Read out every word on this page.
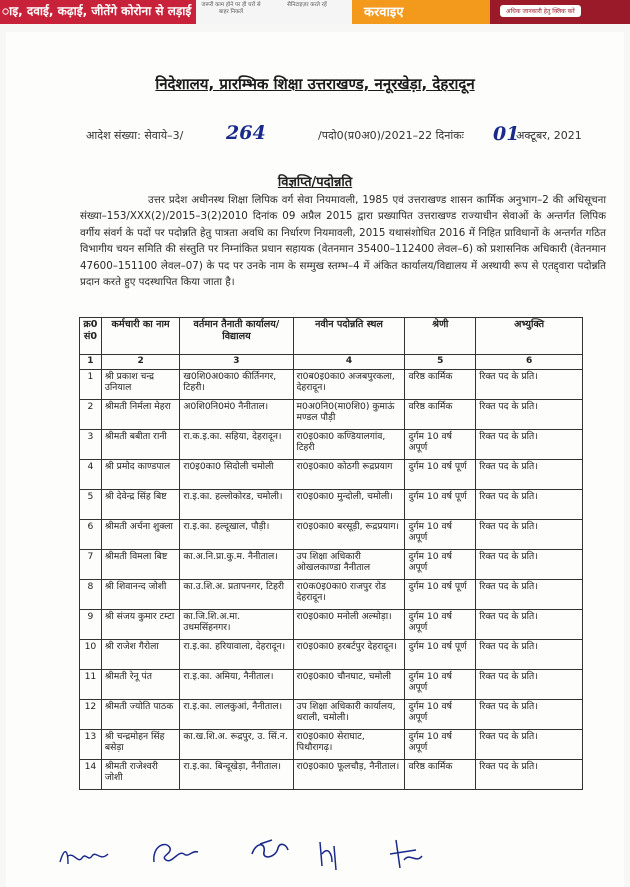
ाइ, दवाई, कढ़ाई, जीतेंगे कोरोना से लड़ाई	जरूरी काम होने पर ही घरों से बाहर निकलें
सैनिटाइज़र करते रहें	करवाइए	अधिक जानकारी हेतु क्लिक करें
निदेशालय, प्रारम्भिक शिक्षा उत्तराखण्ड, ननूरखेड़ा, देहरादून
आदेश संख्या: सेवाये–3/ 264	/पदो0(प्र0अ0)/2021–22 दिनांकः 01
अक्टूबर, 2021
विज्ञप्ति/पदोन्नति
उत्तर प्रदेश अधीनस्थ शिक्षा लिपिक वर्ग सेवा नियमावली, 1985 एवं उत्तराखण्ड शासन कार्मिक अनुभाग–2 की अधिसूचना संख्या–153/XXX(2)/2015–3(2)2010 दिनांक 09 अप्रैल 2015 द्वारा प्रख्यापित उत्तराखण्ड राज्याधीन सेवाओं के अन्तर्गत लिपिक वर्गीय संवर्ग के पदों पर पदोन्नति हेतु पात्रता अवधि का निर्धारण नियमावली, 2015 यथासंशोधित 2016 में निहित प्राविधानों के अन्तर्गत गठित विभागीय चयन समिति की संस्तुति पर निम्नांकित प्रधान सहायक (वेतनमान 35400–112400 लेवल–6) को प्रशासनिक अधिकारी (वेतनमान 47600–151100 लेवल–07) के पद पर उनके नाम के सम्मुख स्तम्भ–4 में अंकित कार्यालय/विद्यालय में अस्थायी रूप से एतद्द्वारा पदोन्नति प्रदान करते हुए पदस्थापित किया जाता है।
क्र0 सं0	कर्मचारी का नाम	वर्तमान तैनाती कार्यालय/ विद्यालय	नवीन पदोन्नति स्थल	श्रेणी	अभ्युक्ति
1	2	3	4	5	6
1	श्री प्रकाश चन्द्र उनियाल	ख0शि0अ0का0 कीर्तिनगर, टिहरी।	रा0ब0इ0का0 अजबपुरकला, देहरादून।	वरिष्ठ कार्मिक	रिक्त पद के प्रति।
2	श्रीमती निर्मला मेहरा	अ0शि0नि0मं0 नैनीताल।	म0अ0नि0(मा0शि0) कुमाऊं मण्डल पौड़ी	वरिष्ठ कार्मिक	रिक्त पद के प्रति।
3	श्रीमती बबीता रानी	रा.क.इ.का. सहिया, देहरादून।	रा0इ0का0 कण्डियालगांव, टिहरी	दुर्गम 10 वर्ष अपूर्ण	रिक्त पद के प्रति।
4	श्री प्रमोद काण्डपाल	रा0इ0का0 सिदोली चमोली	रा0इ0का0 कोठगी रूद्रप्रयाग	दुर्गम 10 वर्ष पूर्ण	रिक्त पद के प्रति।
5	श्री देवेन्द्र सिंह बिष्ट	रा.इ.का. हल्लोकोरड, चमोली।	रा0इ0का0 मुन्दोली, चमोली।	दुर्गम 10 वर्ष पूर्ण	रिक्त पद के प्रति।
6	श्रीमती अर्चना शुक्ला	रा.इ.का. हल्दूखाल, पौड़ी।	रा0इ0का0 बरसूड़ी, रूद्रप्रयाग।	दुर्गम 10 वर्ष अपूर्ण	रिक्त पद के प्रति।
7	श्रीमती विमला बिष्ट	का.अ.नि.प्रा.कु.म. नैनीताल।	उप शिक्षा अधिकारी ओखलकाण्डा नैनीताल	दुर्गम 10 वर्ष अपूर्ण	रिक्त पद के प्रति।
8	श्री शिवानन्द जोशी	का.उ.शि.अ. प्रतापनगर, टिहरी	रा0क0इ0का0 राजपुर रोड देहरादून।	दुर्गम 10 वर्ष पूर्ण	रिक्त पद के प्रति।
9	श्री संजय कुमार टम्टा	का.जि.शि.अ.मा. उधमसिंहनगर।	रा0इ0का0 मनोली अल्मोड़ा।	दुर्गम 10 वर्ष अपूर्ण	रिक्त पद के प्रति।
10	श्री राजेश गैरोला	रा.इ.का. हरियावाला, देहरादून।	रा0इ0का0 हरबर्टपुर देहरादून।	दुर्गम 10 वर्ष पूर्ण	रिक्त पद के प्रति।
11	श्रीमती रेनू पंत	रा.इ.का. अमिया, नैनीताल।	रा0इ0का0 चौनघाट, चमोली	दुर्गम 10 वर्ष अपूर्ण	रिक्त पद के प्रति।
12	श्रीमती ज्योति पाठक	रा.इ.का. लालकुआं, नैनीताल।	उप शिक्षा अधिकारी कार्यालय, थराली, चमोली।	दुर्गम 10 वर्ष अपूर्ण	रिक्त पद के प्रति।
13	श्री चन्द्रमोहन सिंह बसेड़ा	का.ख.शि.अ. रूद्रपुर, उ. सिं.न.	रा0इ0का0 सेराघाट, पिथौरागढ़।	दुर्गम 10 वर्ष अपूर्ण	रिक्त पद के प्रति।
14	श्रीमती राजेश्वरी जोशी	रा.इ.का. बिन्दूखेड़ा, नैनीताल।	रा0इ0का0 फूलचौड़, नैनीताल।	वरिष्ठ कार्मिक	रिक्त पद के प्रति।
